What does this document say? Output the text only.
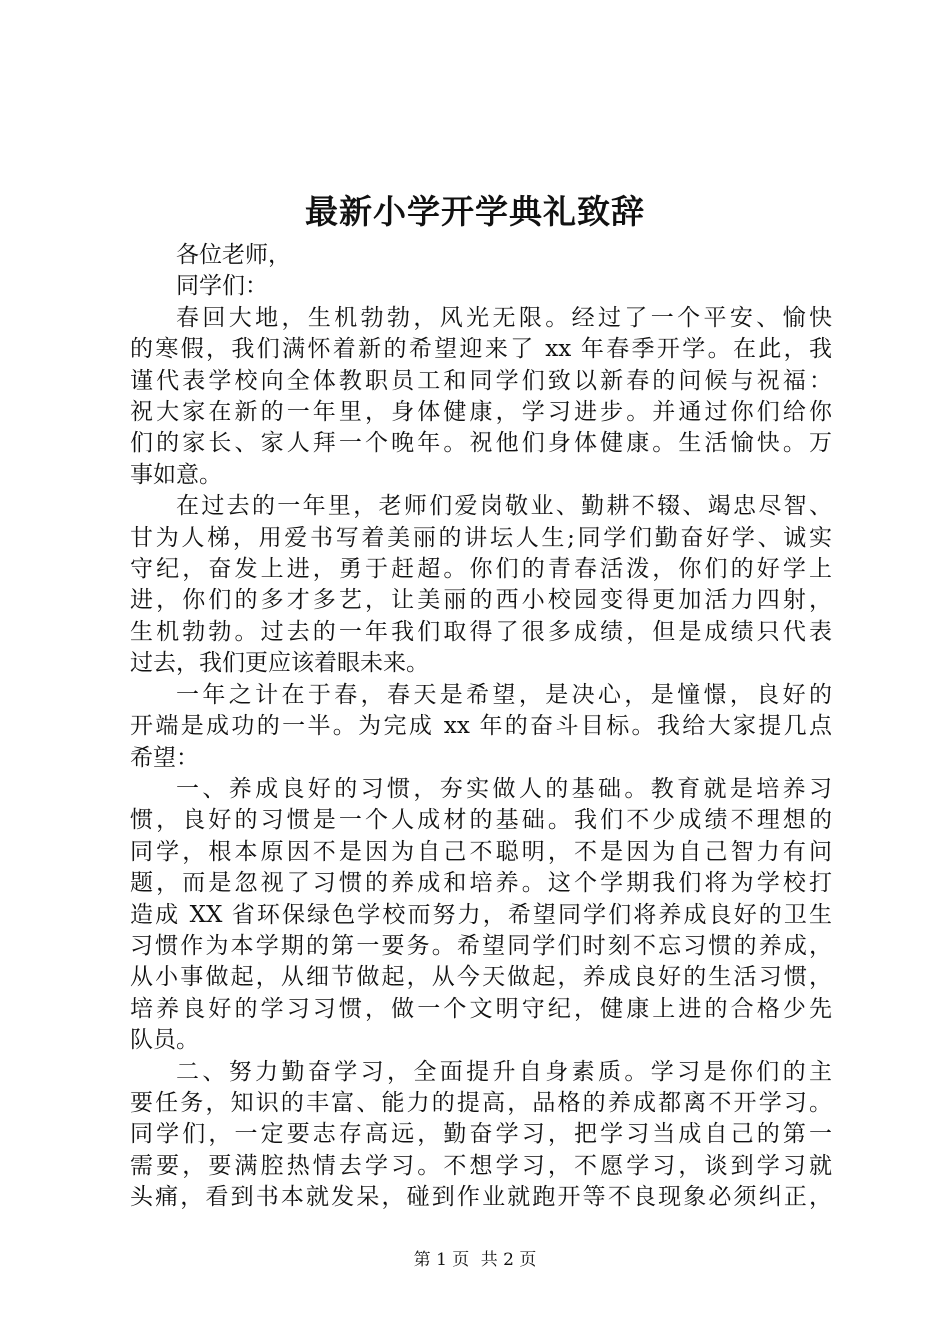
最新小学开学典礼致辞
各位老师，
同学们：
春回大地，生机勃勃，风光无限。经过了一个平安、愉快
的寒假，我们满怀着新的希望迎来了 xx 年春季开学。在此，我
谨代表学校向全体教职员工和同学们致以新春的问候与祝福：
祝大家在新的一年里，身体健康，学习进步。并通过你们给你
们的家长、家人拜一个晚年。祝他们身体健康。生活愉快。万
事如意。
在过去的一年里，老师们爱岗敬业、勤耕不辍、竭忠尽智、
甘为人梯，用爱书写着美丽的讲坛人生;同学们勤奋好学、诚实
守纪，奋发上进，勇于赶超。你们的青春活泼，你们的好学上
进，你们的多才多艺，让美丽的西小校园变得更加活力四射，
生机勃勃。过去的一年我们取得了很多成绩，但是成绩只代表
过去，我们更应该着眼未来。
一年之计在于春，春天是希望，是决心，是憧憬，良好的
开端是成功的一半。为完成 xx 年的奋斗目标。我给大家提几点
希望：
一、养成良好的习惯，夯实做人的基础。教育就是培养习
惯，良好的习惯是一个人成材的基础。我们不少成绩不理想的
同学，根本原因不是因为自己不聪明，不是因为自己智力有问
题，而是忽视了习惯的养成和培养。这个学期我们将为学校打
造成 XX 省环保绿色学校而努力，希望同学们将养成良好的卫生
习惯作为本学期的第一要务。希望同学们时刻不忘习惯的养成，
从小事做起，从细节做起，从今天做起，养成良好的生活习惯，
培养良好的学习习惯，做一个文明守纪，健康上进的合格少先
队员。
二、努力勤奋学习，全面提升自身素质。学习是你们的主
要任务，知识的丰富、能力的提高，品格的养成都离不开学习。
同学们，一定要志存高远，勤奋学习，把学习当成自己的第一
需要，要满腔热情去学习。不想学习，不愿学习，谈到学习就
头痛，看到书本就发呆，碰到作业就跑开等不良现象必须纠正，
第 1 页 共 2 页
